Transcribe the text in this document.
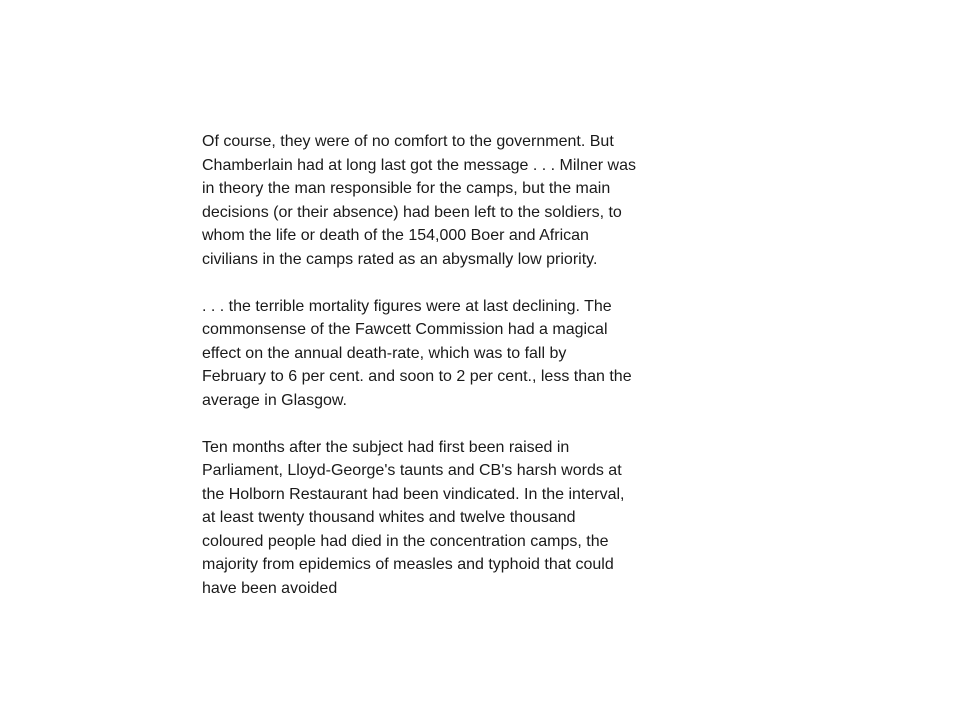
Of course, they were of no comfort to the government. But
Chamberlain had at long last got the message . . . Milner was
in theory the man responsible for the camps, but the main
decisions (or their absence) had been left to the soldiers, to
whom the life or death of the 154,000 Boer and African
civilians in the camps rated as an abysmally low priority.

. . . the terrible mortality figures were at last declining. The
commonsense of the Fawcett Commission had a magical
effect on the annual death-rate, which was to fall by
February to 6 per cent. and soon to 2 per cent., less than the
average in Glasgow.

Ten months after the subject had first been raised in
Parliament, Lloyd-George's taunts and CB's harsh words at
the Holborn Restaurant had been vindicated. In the interval,
at least twenty thousand whites and twelve thousand
coloured people had died in the concentration camps, the
majority from epidemics of measles and typhoid that could
have been avoided
